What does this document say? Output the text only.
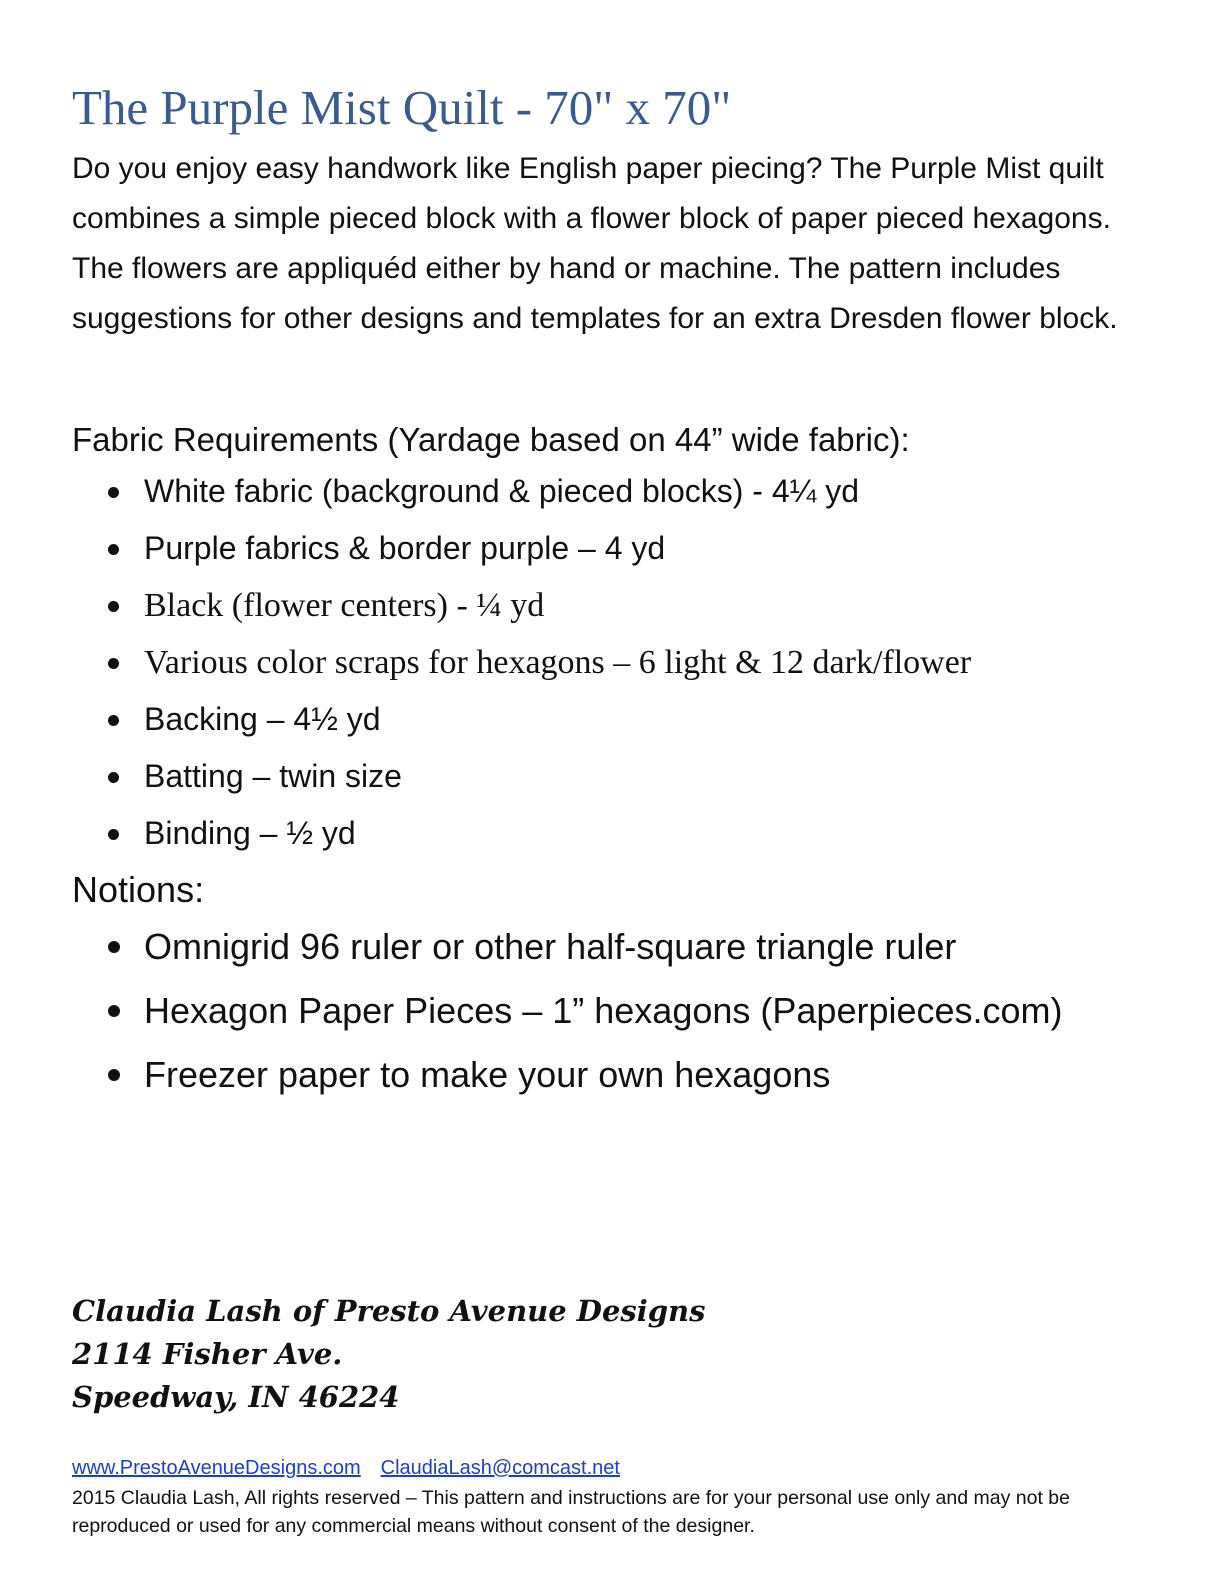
The Purple Mist Quilt - 70" x 70"

Do you enjoy easy handwork like English paper piecing? The Purple Mist quilt combines a simple pieced block with a flower block of paper pieced hexagons. The flowers are appliquéd either by hand or machine. The pattern includes suggestions for other designs and templates for an extra Dresden flower block.

Fabric Requirements (Yardage based on 44” wide fabric):
White fabric (background & pieced blocks) - 4¼ yd
Purple fabrics & border purple – 4 yd
Black (flower centers) - ¼ yd
Various color scraps for hexagons – 6 light & 12 dark/flower
Backing – 4½ yd
Batting – twin size
Binding – ½ yd
Notions:
Omnigrid 96 ruler or other half-square triangle ruler
Hexagon Paper Pieces – 1” hexagons (Paperpieces.com)
Freezer paper to make your own hexagons
Claudia Lash of Presto Avenue Designs
2114 Fisher Ave.
Speedway, IN 46224
www.PrestoAvenueDesigns.com ClaudiaLash@comcast.net

2015 Claudia Lash, All rights reserved – This pattern and instructions are for your personal use only and may not be reproduced or used for any commercial means without consent of the designer.
